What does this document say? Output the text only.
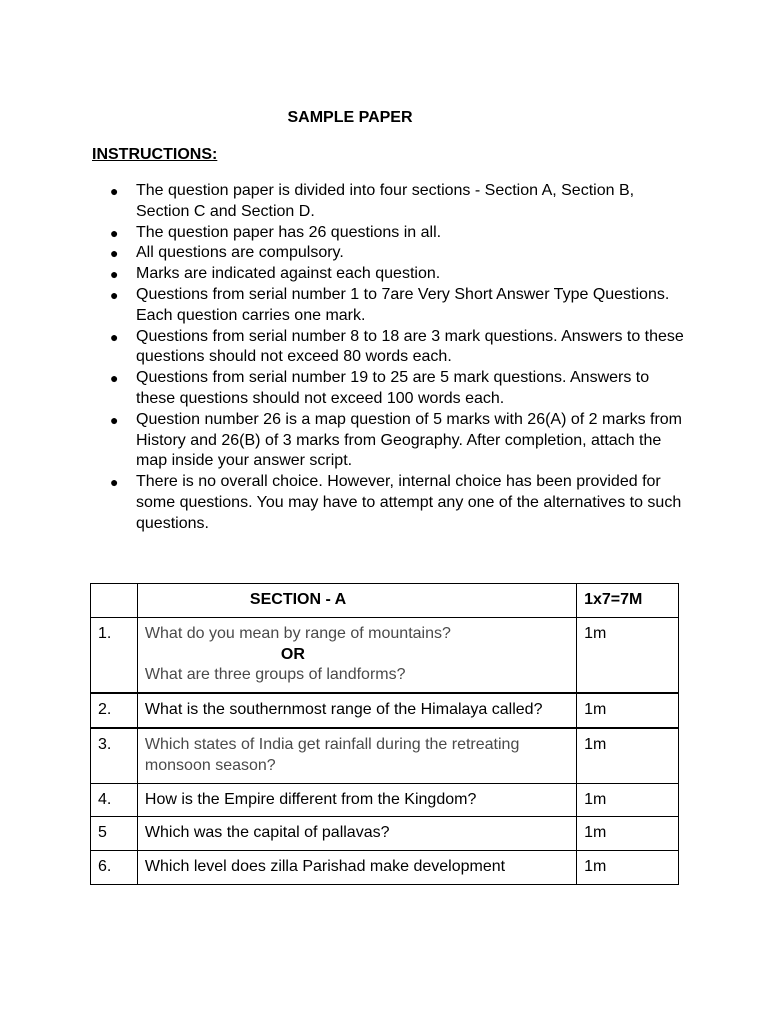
SAMPLE PAPER
INSTRUCTIONS:
● The question paper is divided into four sections - Section A, Section B, Section C and Section D.
● The question paper has 26 questions in all.
● All questions are compulsory.
● Marks are indicated against each question.
● Questions from serial number 1 to 7are Very Short Answer Type Questions. Each question carries one mark.
● Questions from serial number 8 to 18 are 3 mark questions. Answers to these questions should not exceed 80 words each.
● Questions from serial number 19 to 25 are 5 mark questions. Answers to these questions should not exceed 100 words each.
● Question number 26 is a map question of 5 marks with 26(A) of 2 marks from History and 26(B) of 3 marks from Geography. After completion, attach the map inside your answer script.
● There is no overall choice. However, internal choice has been provided for some questions. You may have to attempt any one of the alternatives to such questions.
	SECTION - A	1x7=7M
1.	What do you mean by range of mountains?
OR
What are three groups of landforms?	1m
2.	What is the southernmost range of the Himalaya called?	1m
3.	Which states of India get rainfall during the retreating monsoon season?	1m
4.	How is the Empire different from the Kingdom?	1m
5	Which was the capital of pallavas?	1m
6.	Which level does zilla Parishad make development	1m
